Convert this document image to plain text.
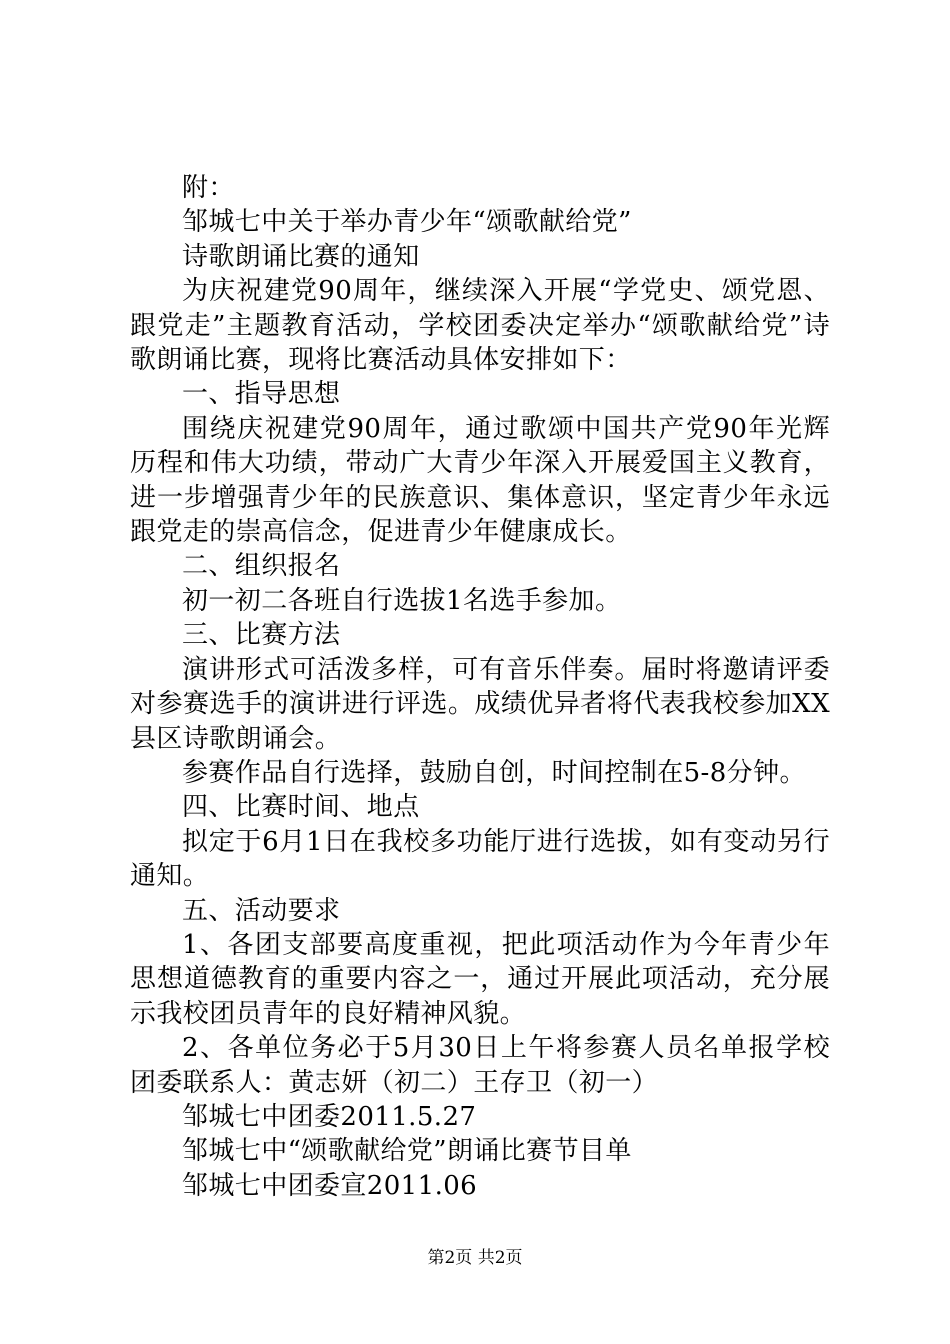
附：

邹城七中关于举办青少年“颂歌献给党”

诗歌朗诵比赛的通知

为庆祝建党90周年，继续深入开展“学党史、颂党恩、跟党走”主题教育活动，学校团委决定举办“颂歌献给党”诗歌朗诵比赛，现将比赛活动具体安排如下：

一、指导思想

围绕庆祝建党90周年，通过歌颂中国共产党90年光辉历程和伟大功绩，带动广大青少年深入开展爱国主义教育，进一步增强青少年的民族意识、集体意识，坚定青少年永远跟党走的崇高信念，促进青少年健康成长。

二、组织报名

初一初二各班自行选拔1名选手参加。

三、比赛方法

演讲形式可活泼多样，可有音乐伴奏。届时将邀请评委对参赛选手的演讲进行评选。成绩优异者将代表我校参加XX县区诗歌朗诵会。

参赛作品自行选择，鼓励自创，时间控制在5-8分钟。

四、比赛时间、地点

拟定于6月1日在我校多功能厅进行选拔，如有变动另行通知。

五、活动要求

1、各团支部要高度重视，把此项活动作为今年青少年思想道德教育的重要内容之一，通过开展此项活动，充分展示我校团员青年的良好精神风貌。

2、各单位务必于5月30日上午将参赛人员名单报学校团委联系人：黄志妍（初二）王存卫（初一）

邹城七中团委2011.5.27

邹城七中“颂歌献给党”朗诵比赛节目单

邹城七中团委宣2011.06

第2页 共2页
